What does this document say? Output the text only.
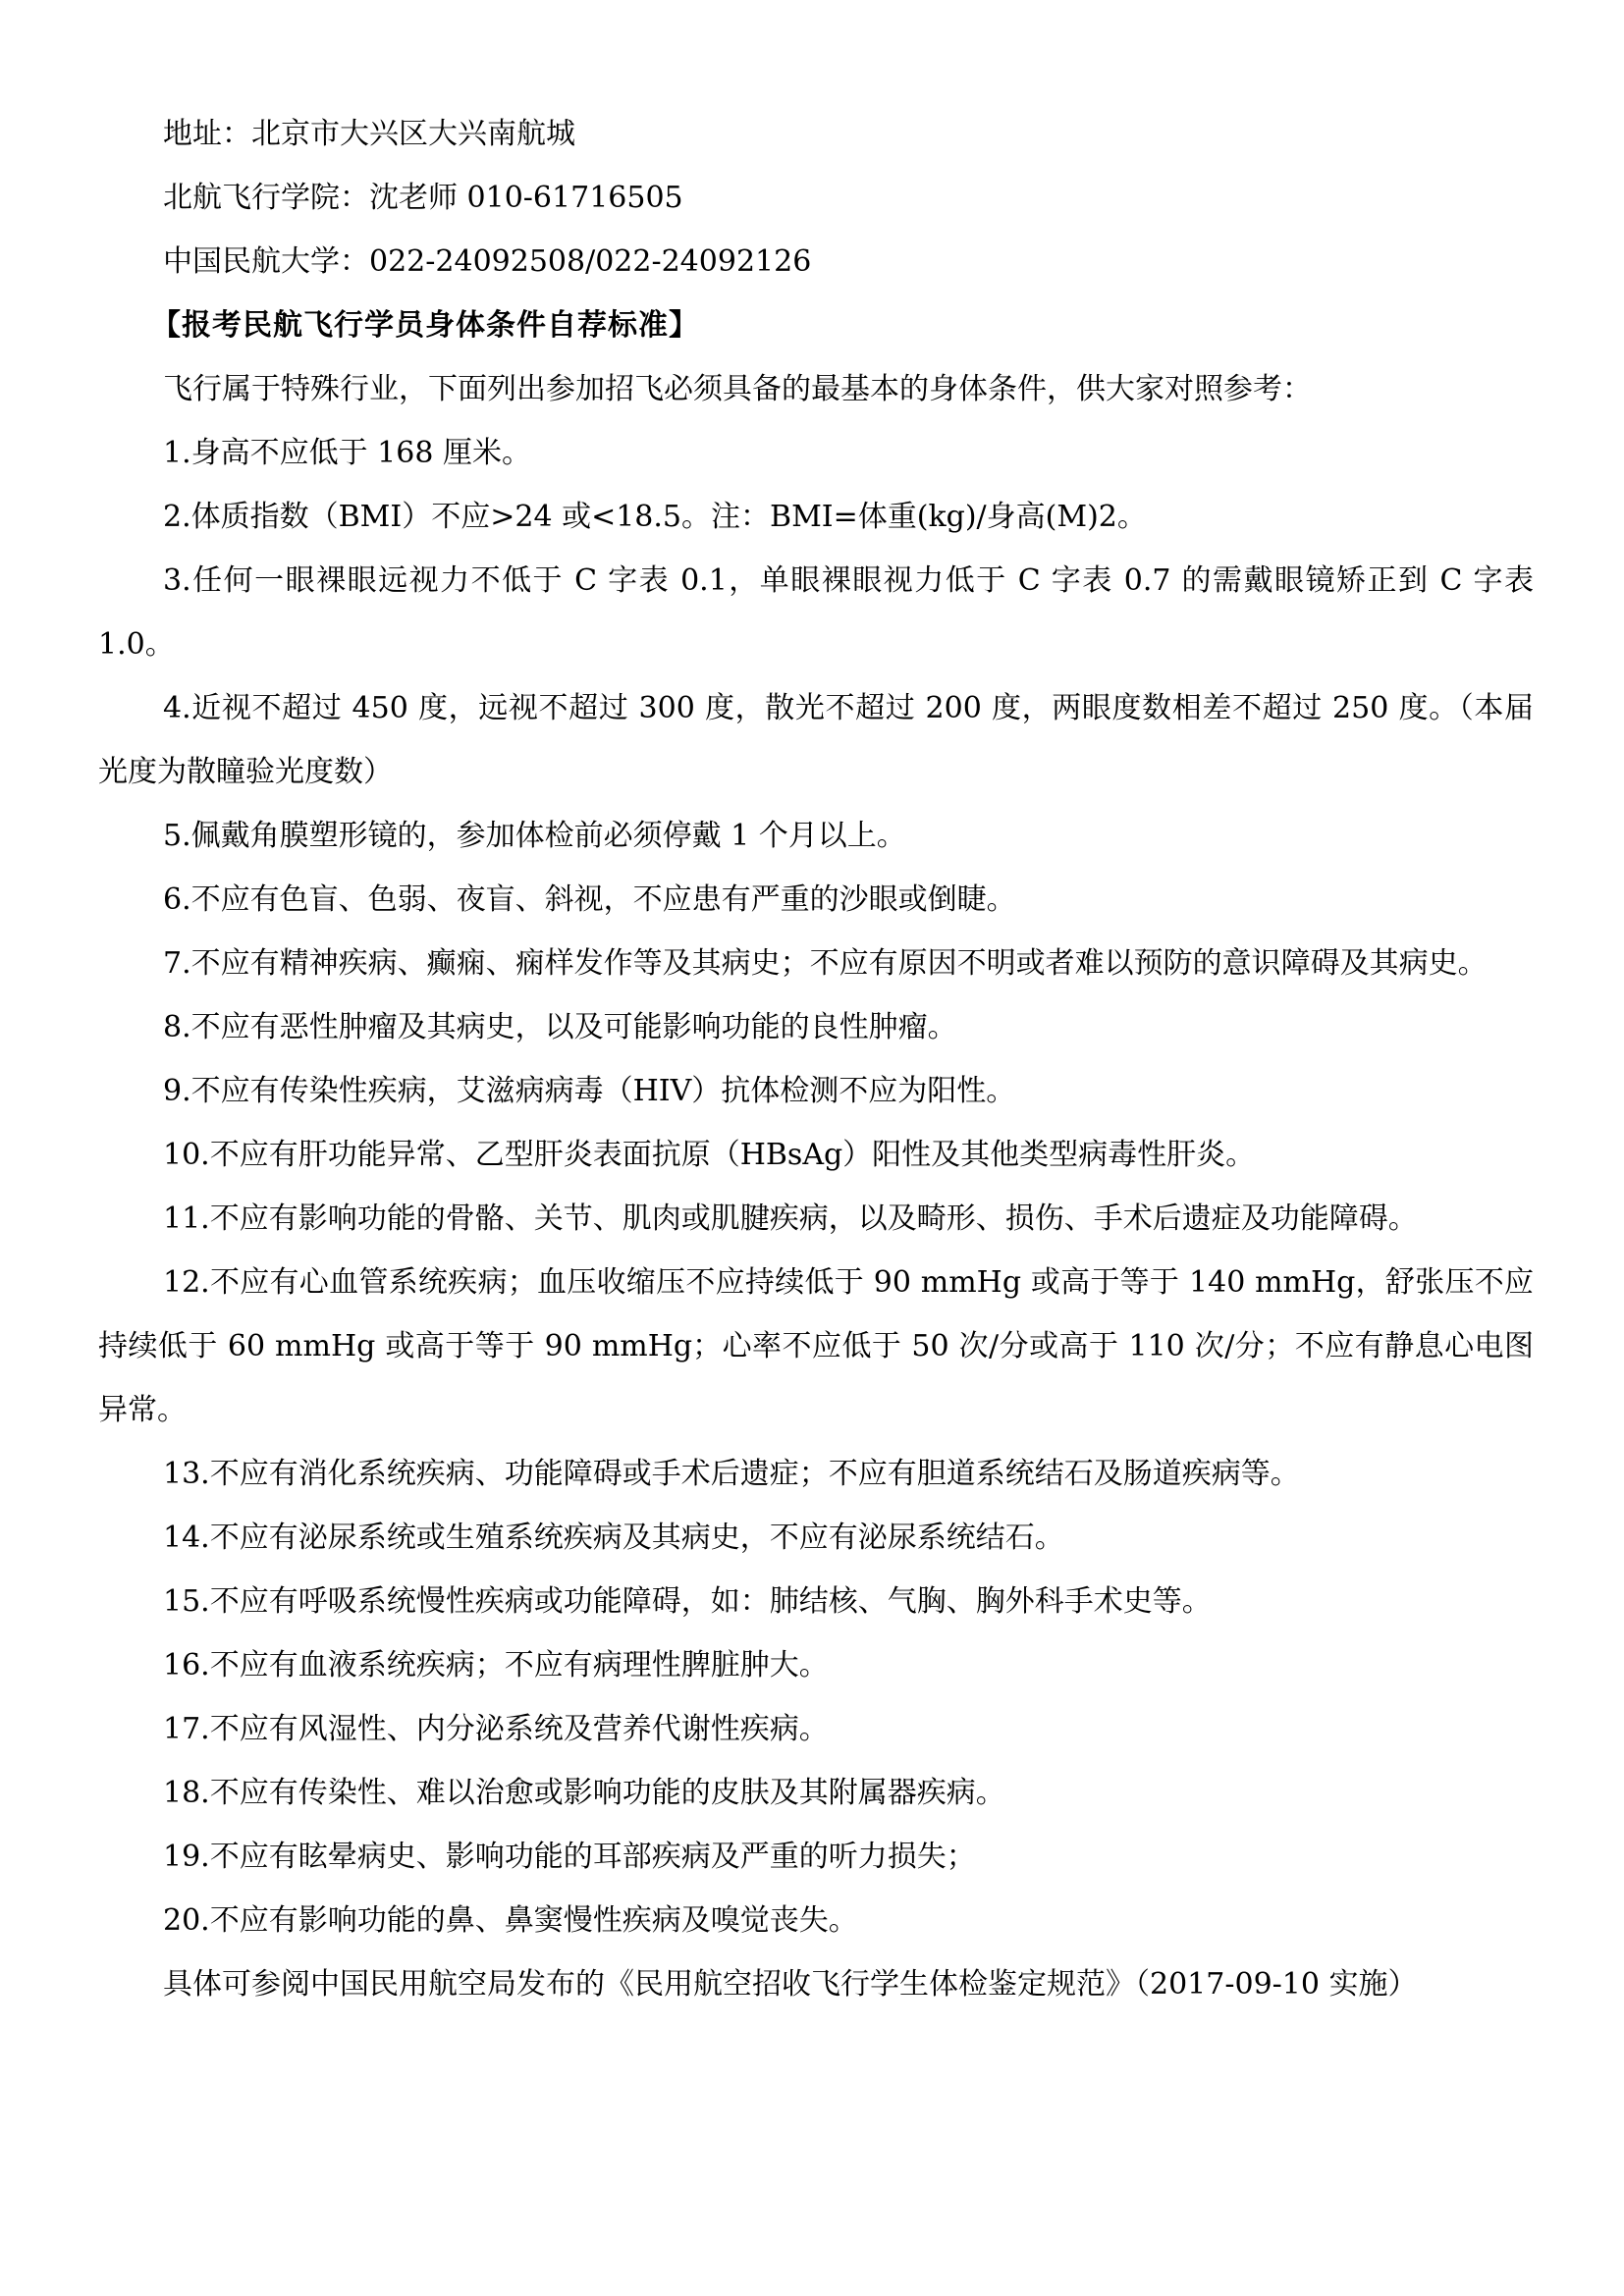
地址：北京市大兴区大兴南航城

北航飞行学院：沈老师 010-61716505

中国民航大学：022-24092508/022-24092126

【报考民航飞行学员身体条件自荐标准】

飞行属于特殊行业，下面列出参加招飞必须具备的最基本的身体条件，供大家对照参考：

1.身高不应低于 168 厘米。

2.体质指数（BMI）不应>24 或<18.5。注：BMI=体重(kg)/身高(M)2。

3.任何一眼裸眼远视力不低于 C 字表 0.1，单眼裸眼视力低于 C 字表 0.7 的需戴眼镜矫正到 C 字表 1.0。

4.近视不超过 450 度，远视不超过 300 度，散光不超过 200 度，两眼度数相差不超过 250 度。（本届光度为散瞳验光度数）

5.佩戴角膜塑形镜的，参加体检前必须停戴 1 个月以上。

6.不应有色盲、色弱、夜盲、斜视，不应患有严重的沙眼或倒睫。

7.不应有精神疾病、癫痫、痫样发作等及其病史；不应有原因不明或者难以预防的意识障碍及其病史。

8.不应有恶性肿瘤及其病史，以及可能影响功能的良性肿瘤。

9.不应有传染性疾病，艾滋病病毒（HIV）抗体检测不应为阳性。

10.不应有肝功能异常、乙型肝炎表面抗原（HBsAg）阳性及其他类型病毒性肝炎。

11.不应有影响功能的骨骼、关节、肌肉或肌腱疾病，以及畸形、损伤、手术后遗症及功能障碍。

12.不应有心血管系统疾病；血压收缩压不应持续低于 90 mmHg 或高于等于 140 mmHg，舒张压不应持续低于 60 mmHg 或高于等于 90 mmHg；心率不应低于 50 次/分或高于 110 次/分；不应有静息心电图异常。

13.不应有消化系统疾病、功能障碍或手术后遗症；不应有胆道系统结石及肠道疾病等。

14.不应有泌尿系统或生殖系统疾病及其病史，不应有泌尿系统结石。

15.不应有呼吸系统慢性疾病或功能障碍，如：肺结核、气胸、胸外科手术史等。

16.不应有血液系统疾病；不应有病理性脾脏肿大。

17.不应有风湿性、内分泌系统及营养代谢性疾病。

18.不应有传染性、难以治愈或影响功能的皮肤及其附属器疾病。

19.不应有眩晕病史、影响功能的耳部疾病及严重的听力损失；

20.不应有影响功能的鼻、鼻窦慢性疾病及嗅觉丧失。

具体可参阅中国民用航空局发布的《民用航空招收飞行学生体检鉴定规范》（2017-09-10 实施）
